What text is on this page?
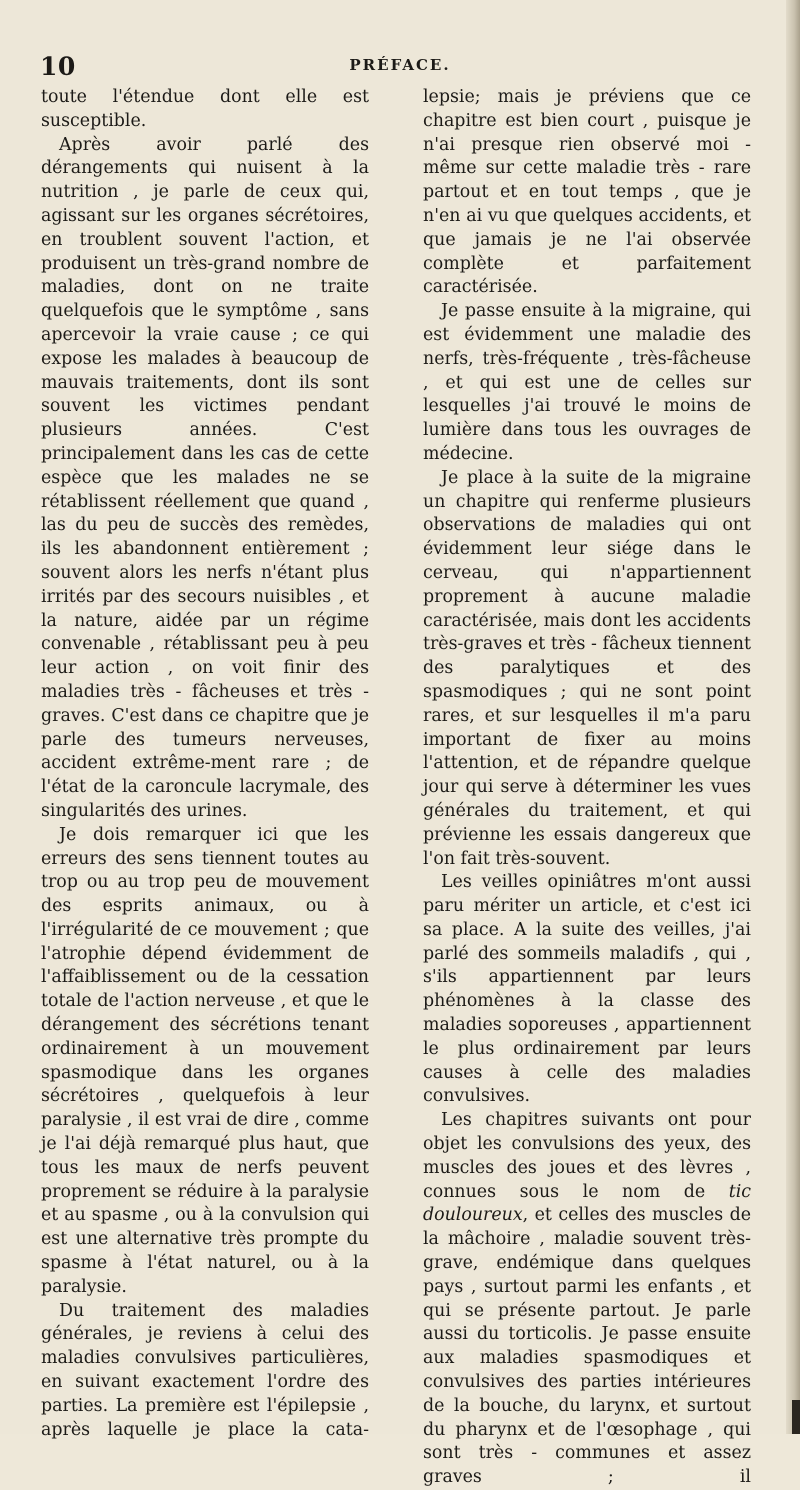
10	PRÉFACE.

toute l'étendue dont elle est susceptible.

Après avoir parlé des dérangements qui nuisent à la nutrition , je parle de ceux qui, agissant sur les organes sécrétoires, en troublent souvent l'action, et produisent un très-grand nombre de maladies, dont on ne traite quelquefois que le symptôme , sans apercevoir la vraie cause ; ce qui expose les malades à beaucoup de mauvais traitements, dont ils sont souvent les victimes pendant plusieurs années. C'est principalement dans les cas de cette espèce que les malades ne se rétablissent réellement que quand , las du peu de succès des remèdes, ils les abandonnent entièrement ; souvent alors les nerfs n'étant plus irrités par des secours nuisibles , et la nature, aidée par un régime convenable , rétablissant peu à peu leur action , on voit finir des maladies très - fâcheuses et très - graves. C'est dans ce chapitre que je parle des tumeurs nerveuses, accident extrême-ment rare ; de l'état de la caroncule lacrymale, des singularités des urines.

Je dois remarquer ici que les erreurs des sens tiennent toutes au trop ou au trop peu de mouvement des esprits animaux, ou à l'irrégularité de ce mouvement ; que l'atrophie dépend évidemment de l'affaiblissement ou de la cessation totale de l'action nerveuse , et que le dérangement des sécrétions tenant ordinairement à un mouvement spasmodique dans les organes sécrétoires , quelquefois à leur paralysie , il est vrai de dire , comme je l'ai déjà remarqué plus haut, que tous les maux de nerfs peuvent proprement se réduire à la paralysie et au spasme , ou à la convulsion qui est une alternative très prompte du spasme à l'état naturel, ou à la paralysie.

Du traitement des maladies générales, je reviens à celui des maladies convulsives particulières, en suivant exactement l'ordre des parties. La première est l'épilepsie , après laquelle je place la cata-

lepsie; mais je préviens que ce chapitre est bien court , puisque je n'ai presque rien observé moi - même sur cette maladie très - rare partout et en tout temps , que je n'en ai vu que quelques accidents, et que jamais je ne l'ai observée complète et parfaitement caractérisée.

Je passe ensuite à la migraine, qui est évidemment une maladie des nerfs, très-fréquente , très-fâcheuse , et qui est une de celles sur lesquelles j'ai trouvé le moins de lumière dans tous les ouvrages de médecine.

Je place à la suite de la migraine un chapitre qui renferme plusieurs observations de maladies qui ont évidemment leur siége dans le cerveau, qui n'appartiennent proprement à aucune maladie caractérisée, mais dont les accidents très-graves et très - fâcheux tiennent des paralytiques et des spasmodiques ; qui ne sont point rares, et sur lesquelles il m'a paru important de fixer au moins l'attention, et de répandre quelque jour qui serve à déterminer les vues générales du traitement, et qui prévienne les essais dangereux que l'on fait très-souvent.

Les veilles opiniâtres m'ont aussi paru mériter un article, et c'est ici sa place. A la suite des veilles, j'ai parlé des sommeils maladifs , qui , s'ils appartiennent par leurs phénomènes à la classe des maladies soporeuses , appartiennent le plus ordinairement par leurs causes à celle des maladies convulsives.

Les chapitres suivants ont pour objet les convulsions des yeux, des muscles des joues et des lèvres , connues sous le nom de tic douloureux, et celles des muscles de la mâchoire , maladie souvent très-grave, endémique dans quelques pays , surtout parmi les enfants , et qui se présente partout. Je parle aussi du torticolis. Je passe ensuite aux maladies spasmodiques et convulsives des parties intérieures de la bouche, du larynx, et surtout du pharynx et de l'œsophage , qui sont très - communes et assez graves ; il
